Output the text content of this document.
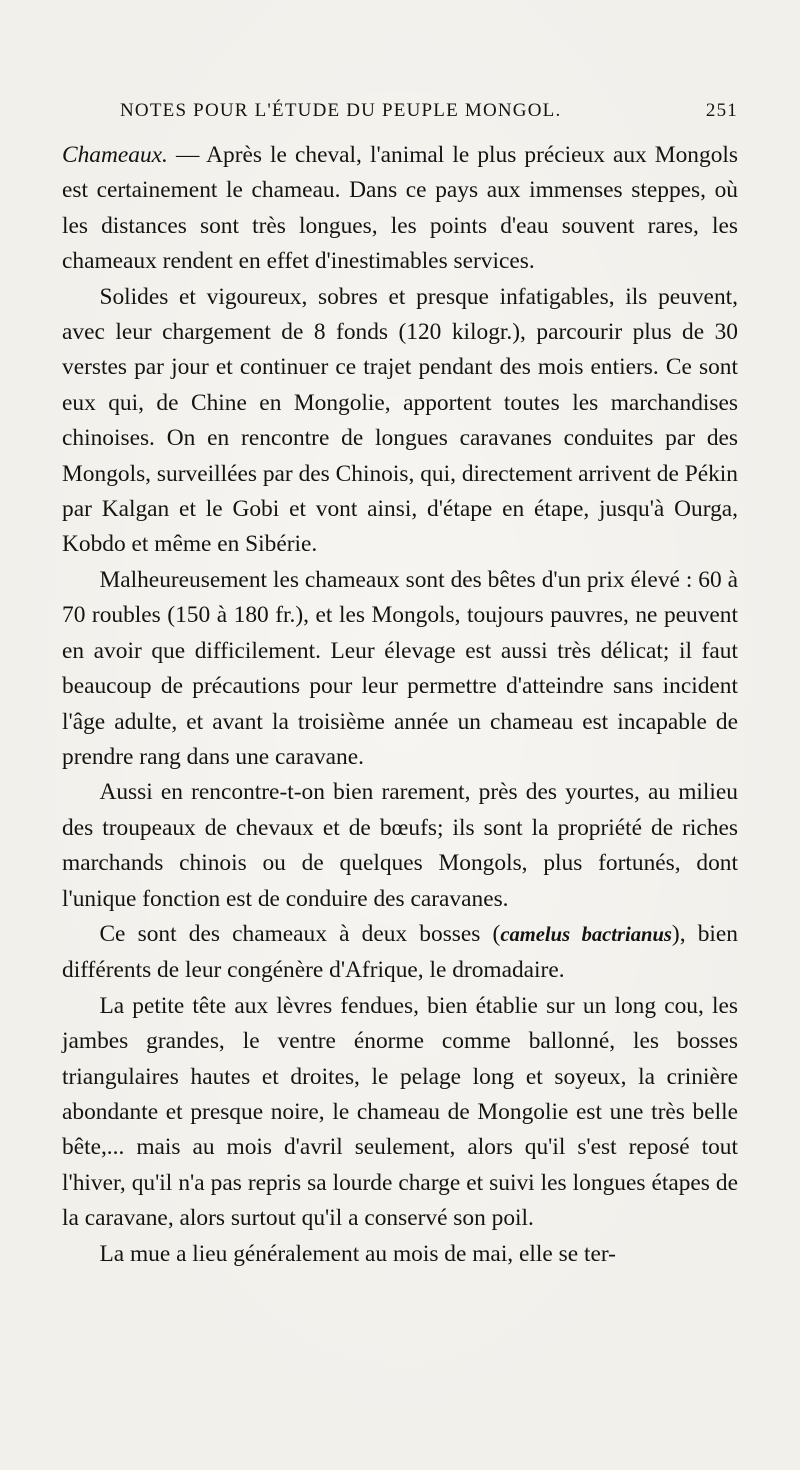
NOTES POUR L'ÉTUDE DU PEUPLE MONGOL.	251

Chameaux. — Après le cheval, l'animal le plus précieux aux Mongols est certainement le chameau. Dans ce pays aux immenses steppes, où les distances sont très longues, les points d'eau souvent rares, les chameaux rendent en effet d'inestimables services.

Solides et vigoureux, sobres et presque infatigables, ils peuvent, avec leur chargement de 8 fonds (120 kilogr.), parcourir plus de 30 verstes par jour et continuer ce trajet pendant des mois entiers. Ce sont eux qui, de Chine en Mongolie, apportent toutes les marchandises chinoises. On en rencontre de longues caravanes conduites par des Mongols, surveillées par des Chinois, qui, directement arrivent de Pékin par Kalgan et le Gobi et vont ainsi, d'étape en étape, jusqu'à Ourga, Kobdo et même en Sibérie.

Malheureusement les chameaux sont des bêtes d'un prix élevé : 60 à 70 roubles (150 à 180 fr.), et les Mongols, toujours pauvres, ne peuvent en avoir que difficilement. Leur élevage est aussi très délicat; il faut beaucoup de précautions pour leur permettre d'atteindre sans incident l'âge adulte, et avant la troisième année un chameau est incapable de prendre rang dans une caravane.

Aussi en rencontre-t-on bien rarement, près des yourtes, au milieu des troupeaux de chevaux et de bœufs; ils sont la propriété de riches marchands chinois ou de quelques Mongols, plus fortunés, dont l'unique fonction est de conduire des caravanes.

Ce sont des chameaux à deux bosses (camelus bactrianus), bien différents de leur congénère d'Afrique, le dromadaire.

La petite tête aux lèvres fendues, bien établie sur un long cou, les jambes grandes, le ventre énorme comme ballonné, les bosses triangulaires hautes et droites, le pelage long et soyeux, la crinière abondante et presque noire, le chameau de Mongolie est une très belle bête,... mais au mois d'avril seulement, alors qu'il s'est reposé tout l'hiver, qu'il n'a pas repris sa lourde charge et suivi les longues étapes de la caravane, alors surtout qu'il a conservé son poil.

La mue a lieu généralement au mois de mai, elle se ter-
